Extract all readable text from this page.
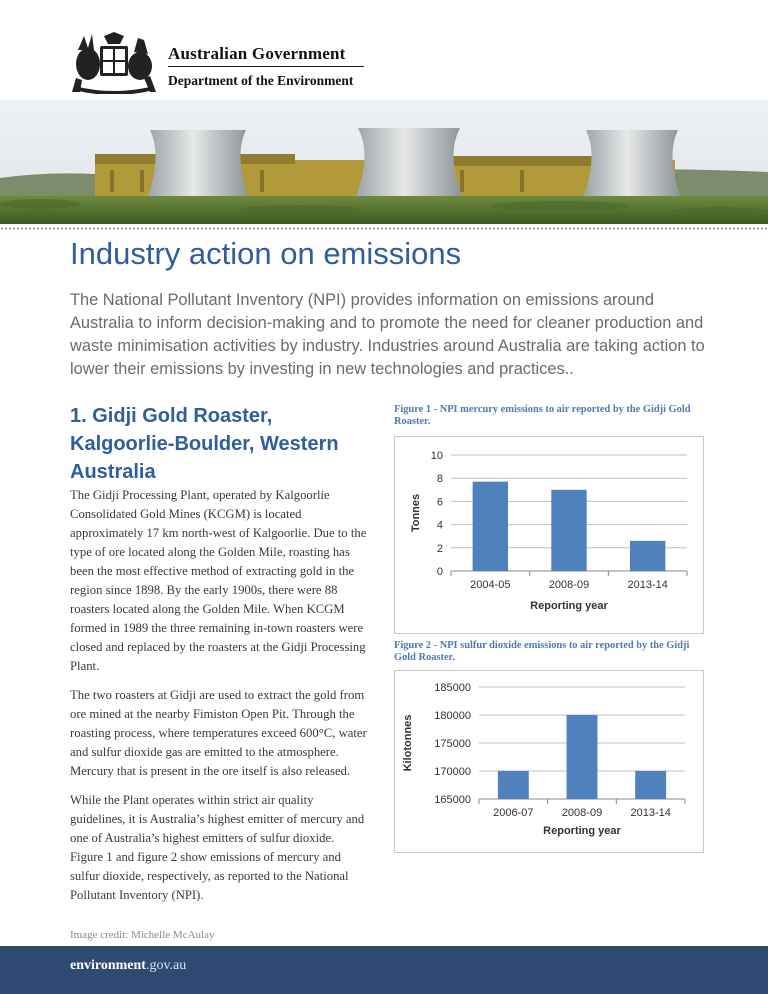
Australian Government
Department of the Environment
Industry action on emissions

The National Pollutant Inventory (NPI) provides information on emissions around Australia to inform decision-making and to promote the need for cleaner production and waste minimisation activities by industry. Industries around Australia are taking action to lower their emissions by investing in new technologies and practices..

1. Gidji Gold Roaster, Kalgoorlie-Boulder, Western Australia

The Gidji Processing Plant, operated by Kalgoorlie Consolidated Gold Mines (KCGM) is located approximately 17 km north-west of Kalgoorlie. Due to the type of ore located along the Golden Mile, roasting has been the most effective method of extracting gold in the region since 1898. By the early 1900s, there were 88 roasters located along the Golden Mile. When KCGM formed in 1989 the three remaining in-town roasters were closed and replaced by the roasters at the Gidji Processing Plant.

The two roasters at Gidji are used to extract the gold from ore mined at the nearby Fimiston Open Pit. Through the roasting process, where temperatures exceed 600°C, water and sulfur dioxide gas are emitted to the atmosphere. Mercury that is present in the ore itself is also released.

While the Plant operates within strict air quality guidelines, it is Australia’s highest emitter of mercury and one of Australia’s highest emitters of sulfur dioxide. Figure 1 and figure 2 show emissions of mercury and sulfur dioxide, respectively, as reported to the National Pollutant Inventory (NPI).

Image credit: Michelle McAulay
Figure 1 - NPI mercury emissions to air reported by the Gidji Gold Roaster.
0
2
4
6
8
10
2004-05	2008-09	2013-14
Reporting year
Tonnes
Figure 2 - NPI sulfur dioxide emissions to air reported by the Gidji Gold Roaster.
165000
170000
175000
180000
185000
2006-07	2008-09	2013-14
Reporting year
Kilotonnes
environment.gov.au
